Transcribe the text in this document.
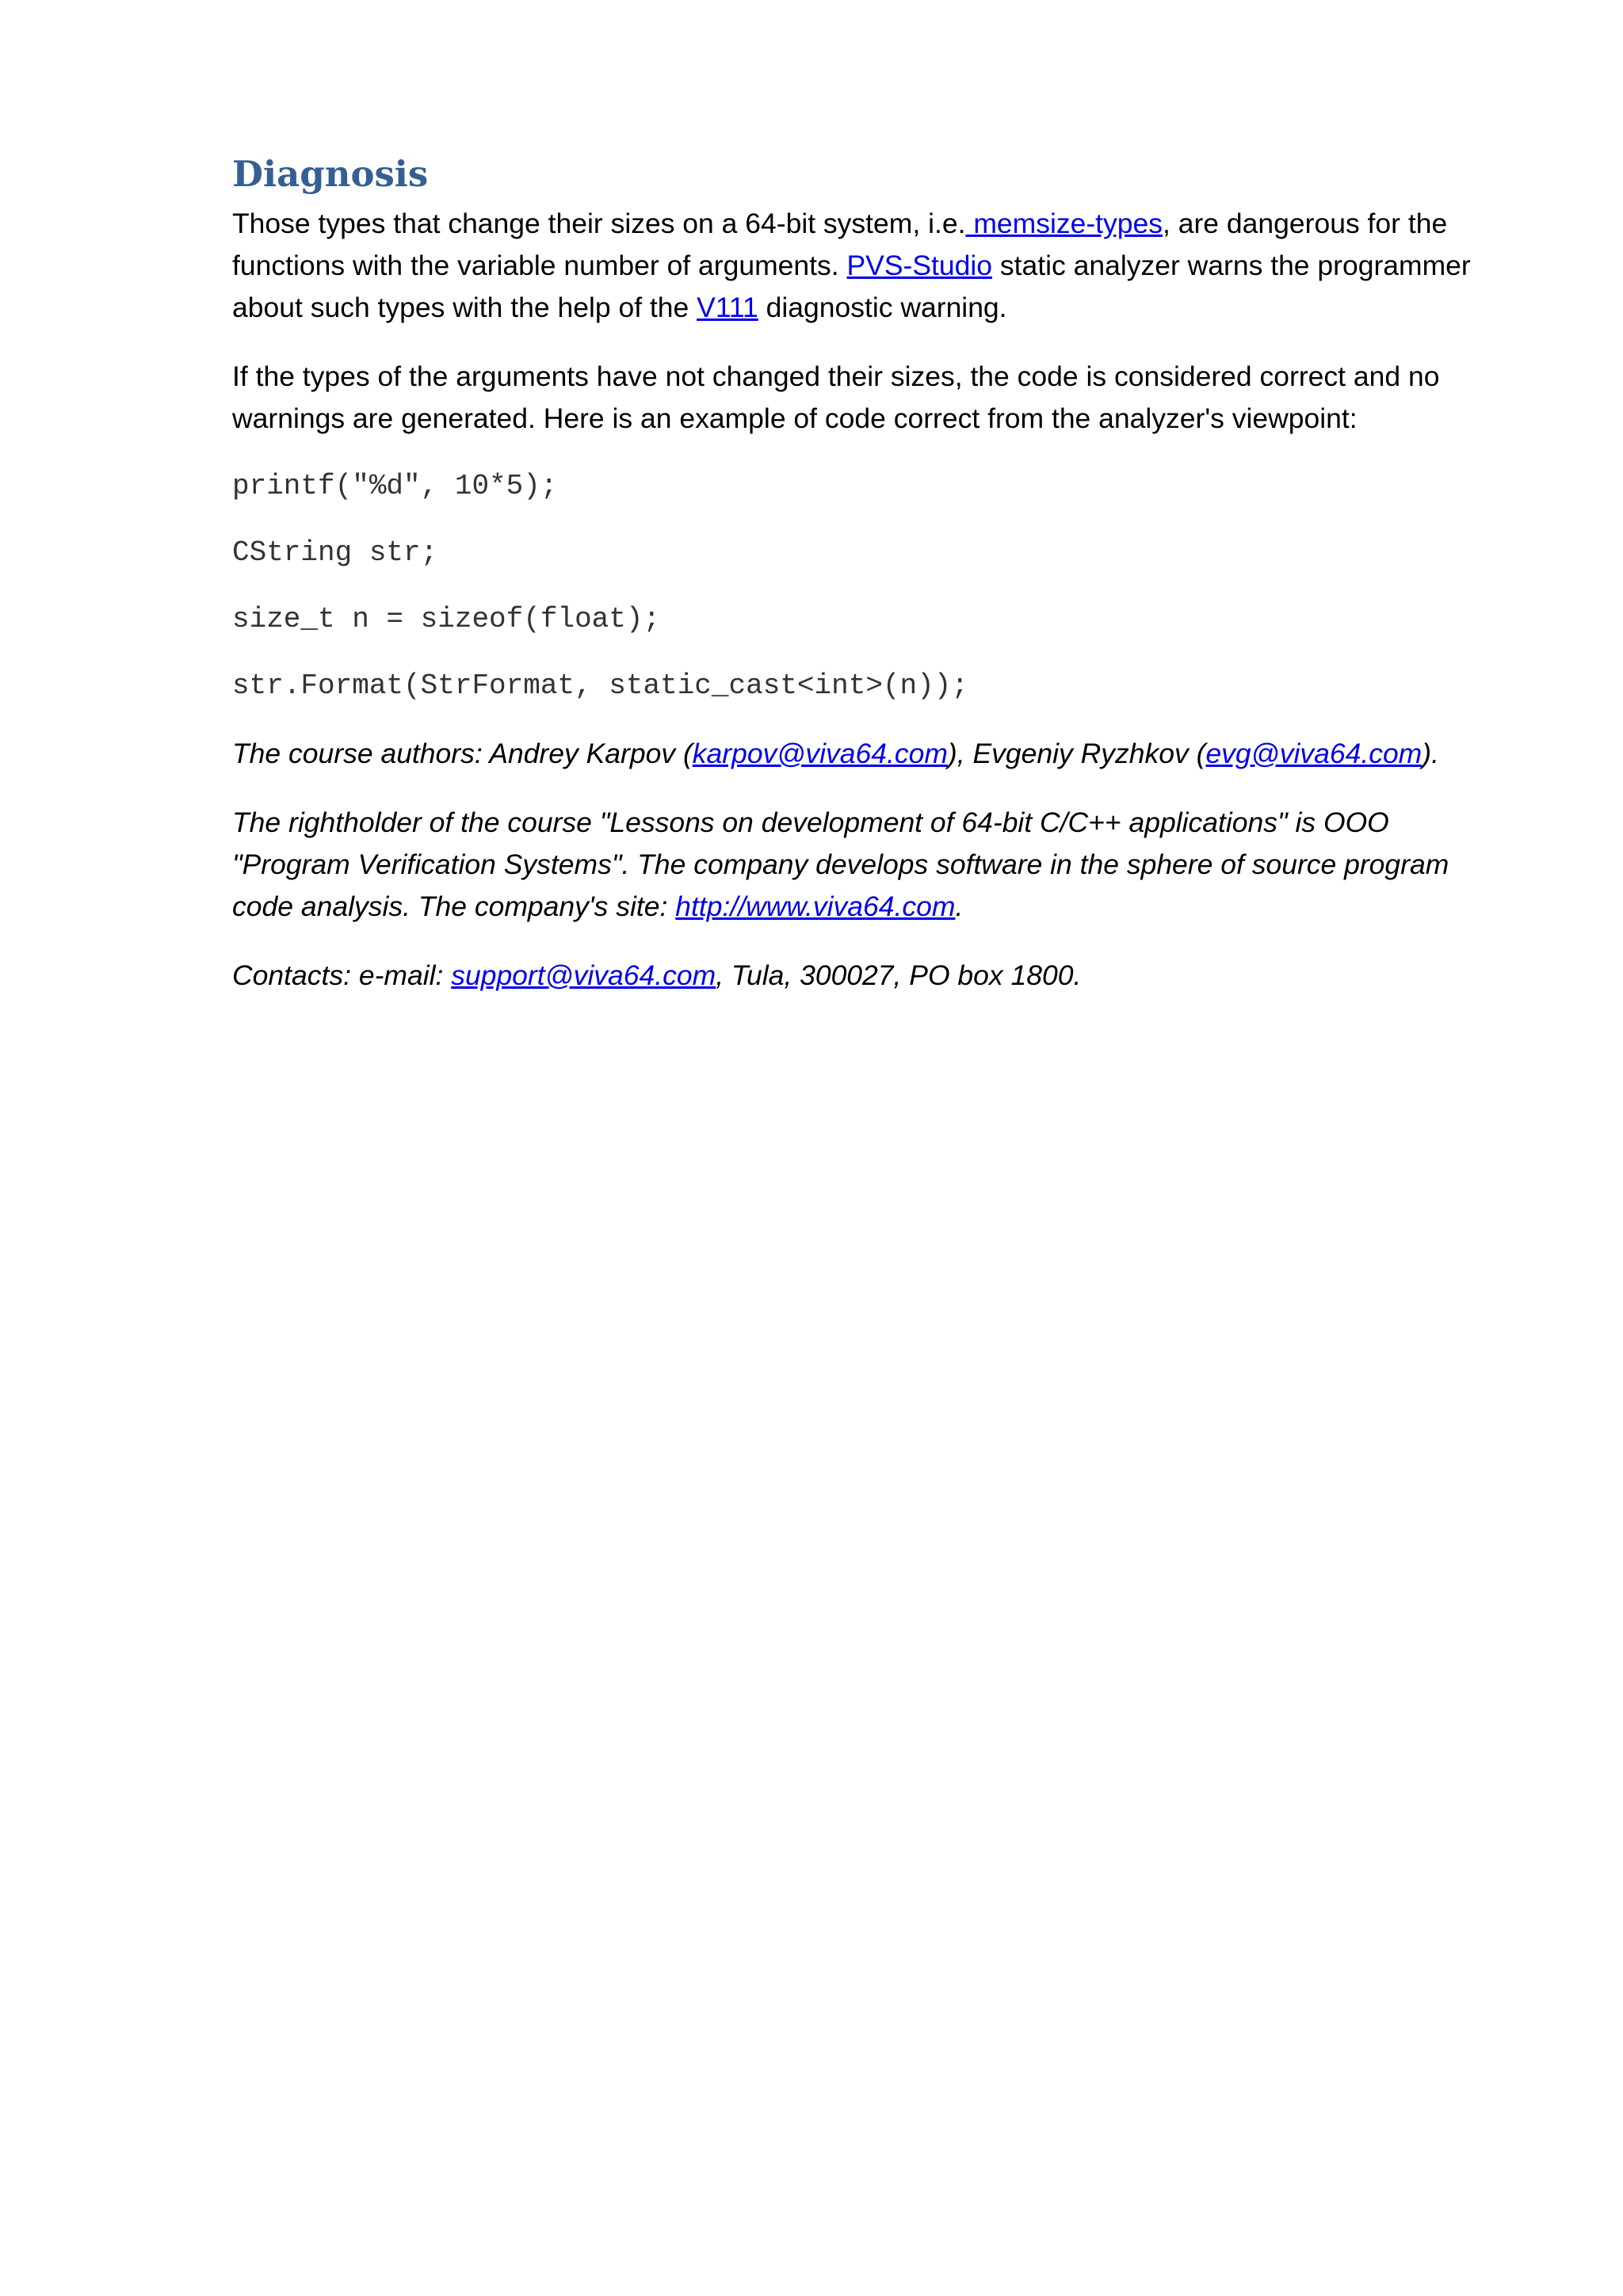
Diagnosis

Those types that change their sizes on a 64-bit system, i.e. memsize-types, are dangerous for the functions with the variable number of arguments. PVS-Studio static analyzer warns the programmer about such types with the help of the V111 diagnostic warning.

If the types of the arguments have not changed their sizes, the code is considered correct and no warnings are generated. Here is an example of code correct from the analyzer's viewpoint:

printf("%d", 10*5);

CString str;

size_t n = sizeof(float);

str.Format(StrFormat, static_cast<int>(n));

The course authors: Andrey Karpov (karpov@viva64.com), Evgeniy Ryzhkov (evg@viva64.com).

The rightholder of the course "Lessons on development of 64-bit C/C++ applications" is OOO "Program Verification Systems". The company develops software in the sphere of source program code analysis. The company's site: http://www.viva64.com.

Contacts: e-mail: support@viva64.com, Tula, 300027, PO box 1800.
